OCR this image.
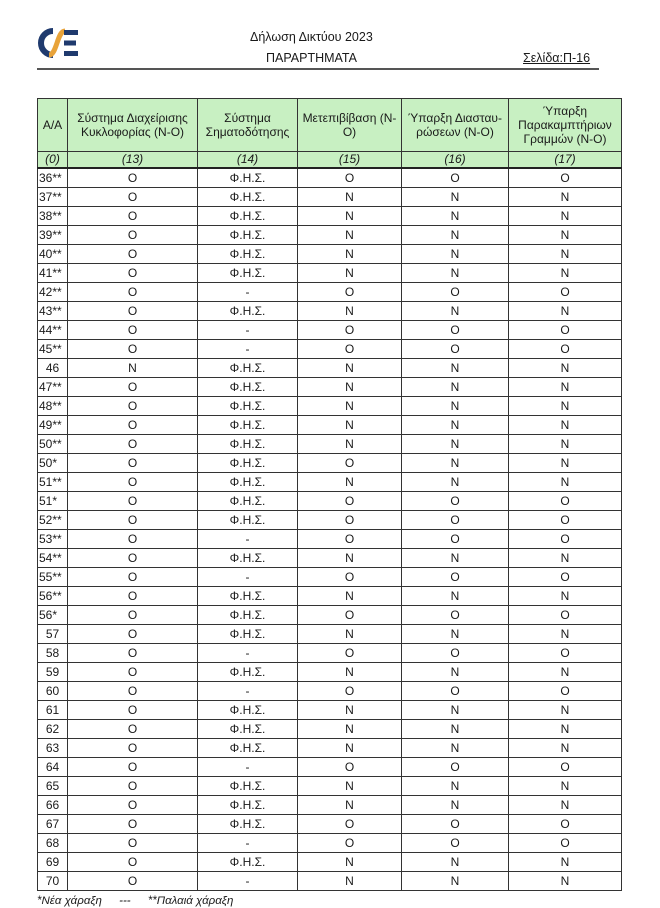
Δήλωση Δικτύου 2023
ΠΑΡΑΡΤΗΜΑΤΑ	Σελίδα:Π-16
Α/Α	Σύστημα Διαχείρισης Κυκλοφορίας (Ν-Ο)	Σύστημα Σηματοδότησης	Μετεπιβίβαση (Ν-Ο)	Ύπαρξη Διασταυ-ρώσεων (Ν-Ο)	Ύπαρξη Παρακαμπτήριων Γραμμών (Ν-Ο)
(0)	(13)	(14)	(15)	(16)	(17)
36**	Ο	Φ.Η.Σ.	Ο	Ο	Ο
37**	Ο	Φ.Η.Σ.	Ν	Ν	Ν
38**	Ο	Φ.Η.Σ.	Ν	Ν	Ν
39**	Ο	Φ.Η.Σ.	Ν	Ν	Ν
40**	Ο	Φ.Η.Σ.	Ν	Ν	Ν
41**	Ο	Φ.Η.Σ.	Ν	Ν	Ν
42**	Ο	-	Ο	Ο	Ο
43**	Ο	Φ.Η.Σ.	Ν	Ν	Ν
44**	Ο	-	Ο	Ο	Ο
45**	Ο	-	Ο	Ο	Ο
46	Ν	Φ.Η.Σ.	Ν	Ν	Ν
47**	Ο	Φ.Η.Σ.	Ν	Ν	Ν
48**	Ο	Φ.Η.Σ.	Ν	Ν	Ν
49**	Ο	Φ.Η.Σ.	Ν	Ν	Ν
50**	Ο	Φ.Η.Σ.	Ν	Ν	Ν
50*	Ο	Φ.Η.Σ.	Ο	Ν	Ν
51**	Ο	Φ.Η.Σ.	Ν	Ν	Ν
51*	Ο	Φ.Η.Σ.	Ο	Ο	Ο
52**	Ο	Φ.Η.Σ.	Ο	Ο	Ο
53**	Ο	-	Ο	Ο	Ο
54**	Ο	Φ.Η.Σ.	Ν	Ν	Ν
55**	Ο	-	Ο	Ο	Ο
56**	Ο	Φ.Η.Σ.	Ν	Ν	Ν
56*	Ο	Φ.Η.Σ.	Ο	Ο	Ο
57	Ο	Φ.Η.Σ.	Ν	Ν	Ν
58	Ο	-	Ο	Ο	Ο
59	Ο	Φ.Η.Σ.	Ν	Ν	Ν
60	Ο	-	Ο	Ο	Ο
61	Ο	Φ.Η.Σ.	Ν	Ν	Ν
62	Ο	Φ.Η.Σ.	Ν	Ν	Ν
63	Ο	Φ.Η.Σ.	Ν	Ν	Ν
64	Ο	-	Ο	Ο	Ο
65	Ο	Φ.Η.Σ.	Ν	Ν	Ν
66	Ο	Φ.Η.Σ.	Ν	Ν	Ν
67	Ο	Φ.Η.Σ.	Ο	Ο	Ο
68	Ο	-	Ο	Ο	Ο
69	Ο	Φ.Η.Σ.	Ν	Ν	Ν
70	Ο	-	Ν	Ν	Ν
*Νέα χάραξη --- **Παλαιά χάραξη
